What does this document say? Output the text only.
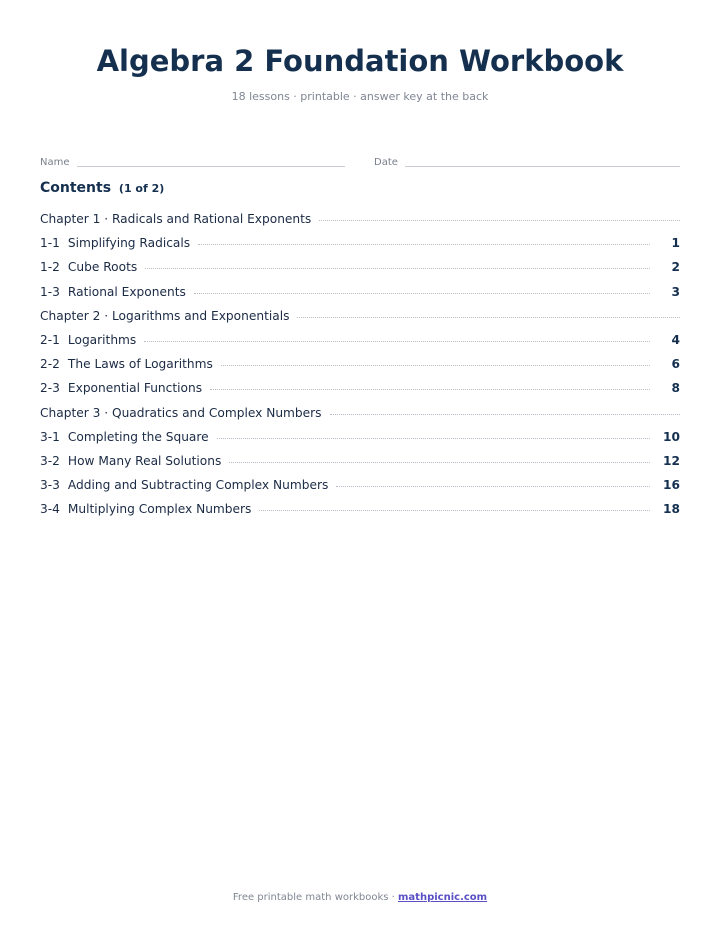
Algebra 2 Foundation Workbook
18 lessons · printable · answer key at the back
Name	Date
Contents (1 of 2)
Chapter 1 · Radicals and Rational Exponents
1-1 Simplifying Radicals	1
1-2 Cube Roots	2
1-3 Rational Exponents	3
Chapter 2 · Logarithms and Exponentials
2-1 Logarithms	4
2-2 The Laws of Logarithms	6
2-3 Exponential Functions	8
Chapter 3 · Quadratics and Complex Numbers
3-1 Completing the Square	10
3-2 How Many Real Solutions	12
3-3 Adding and Subtracting Complex Numbers	16
3-4 Multiplying Complex Numbers	18
Free printable math workbooks · mathpicnic.com
